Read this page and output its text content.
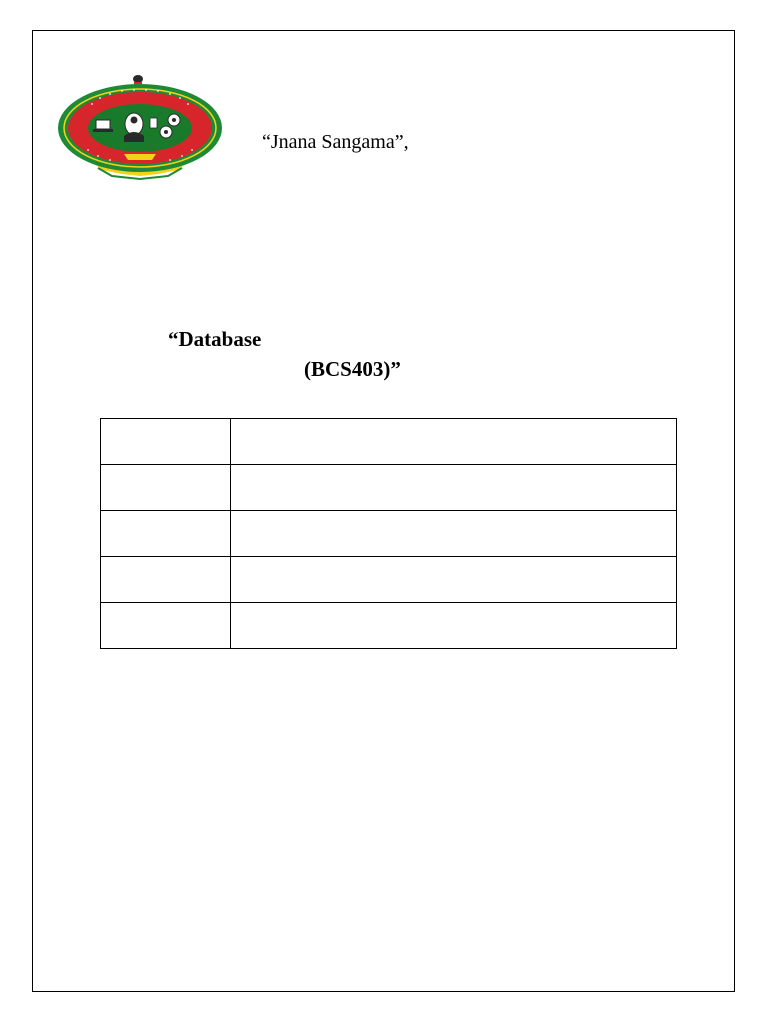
“Jnana Sangama”,
“Database
(BCS403)”
